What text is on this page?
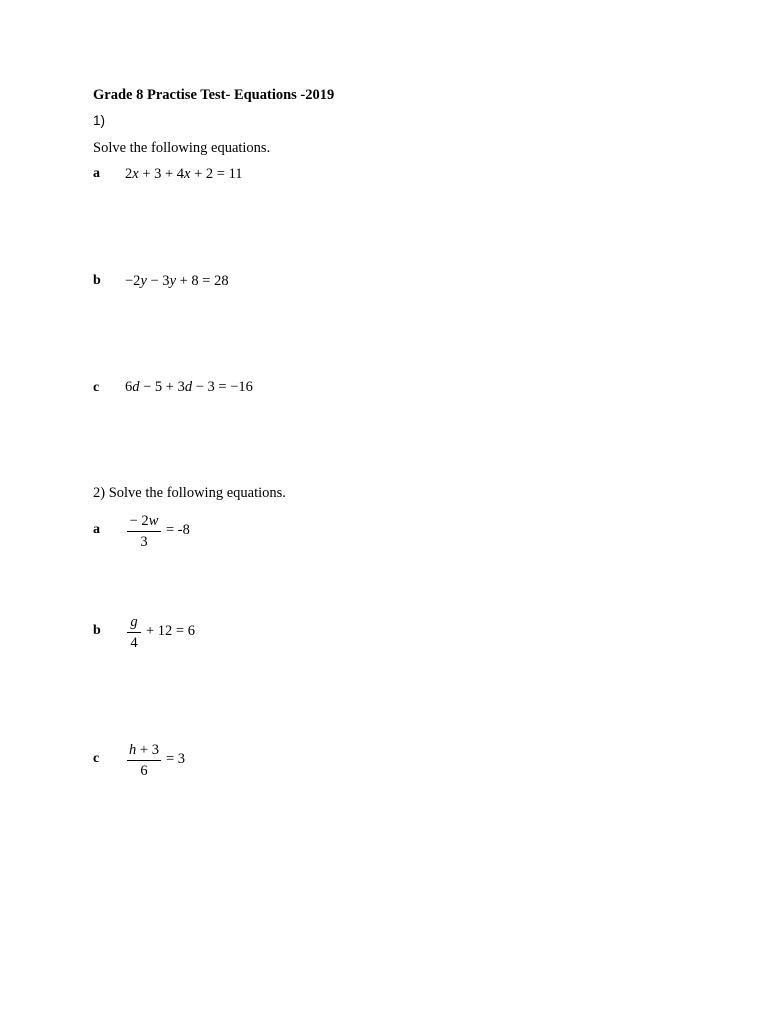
Grade 8 Practise Test- Equations -2019
1)
Solve the following equations.
a 2x + 3 + 4x + 2 = 11
b −2y − 3y + 8 = 28
c 6d − 5 + 3d − 3 = −16
2) Solve the following equations.
a
− 2w
3
= -8
b
g
4
+ 12 = 6
c
h + 3
6
= 3
